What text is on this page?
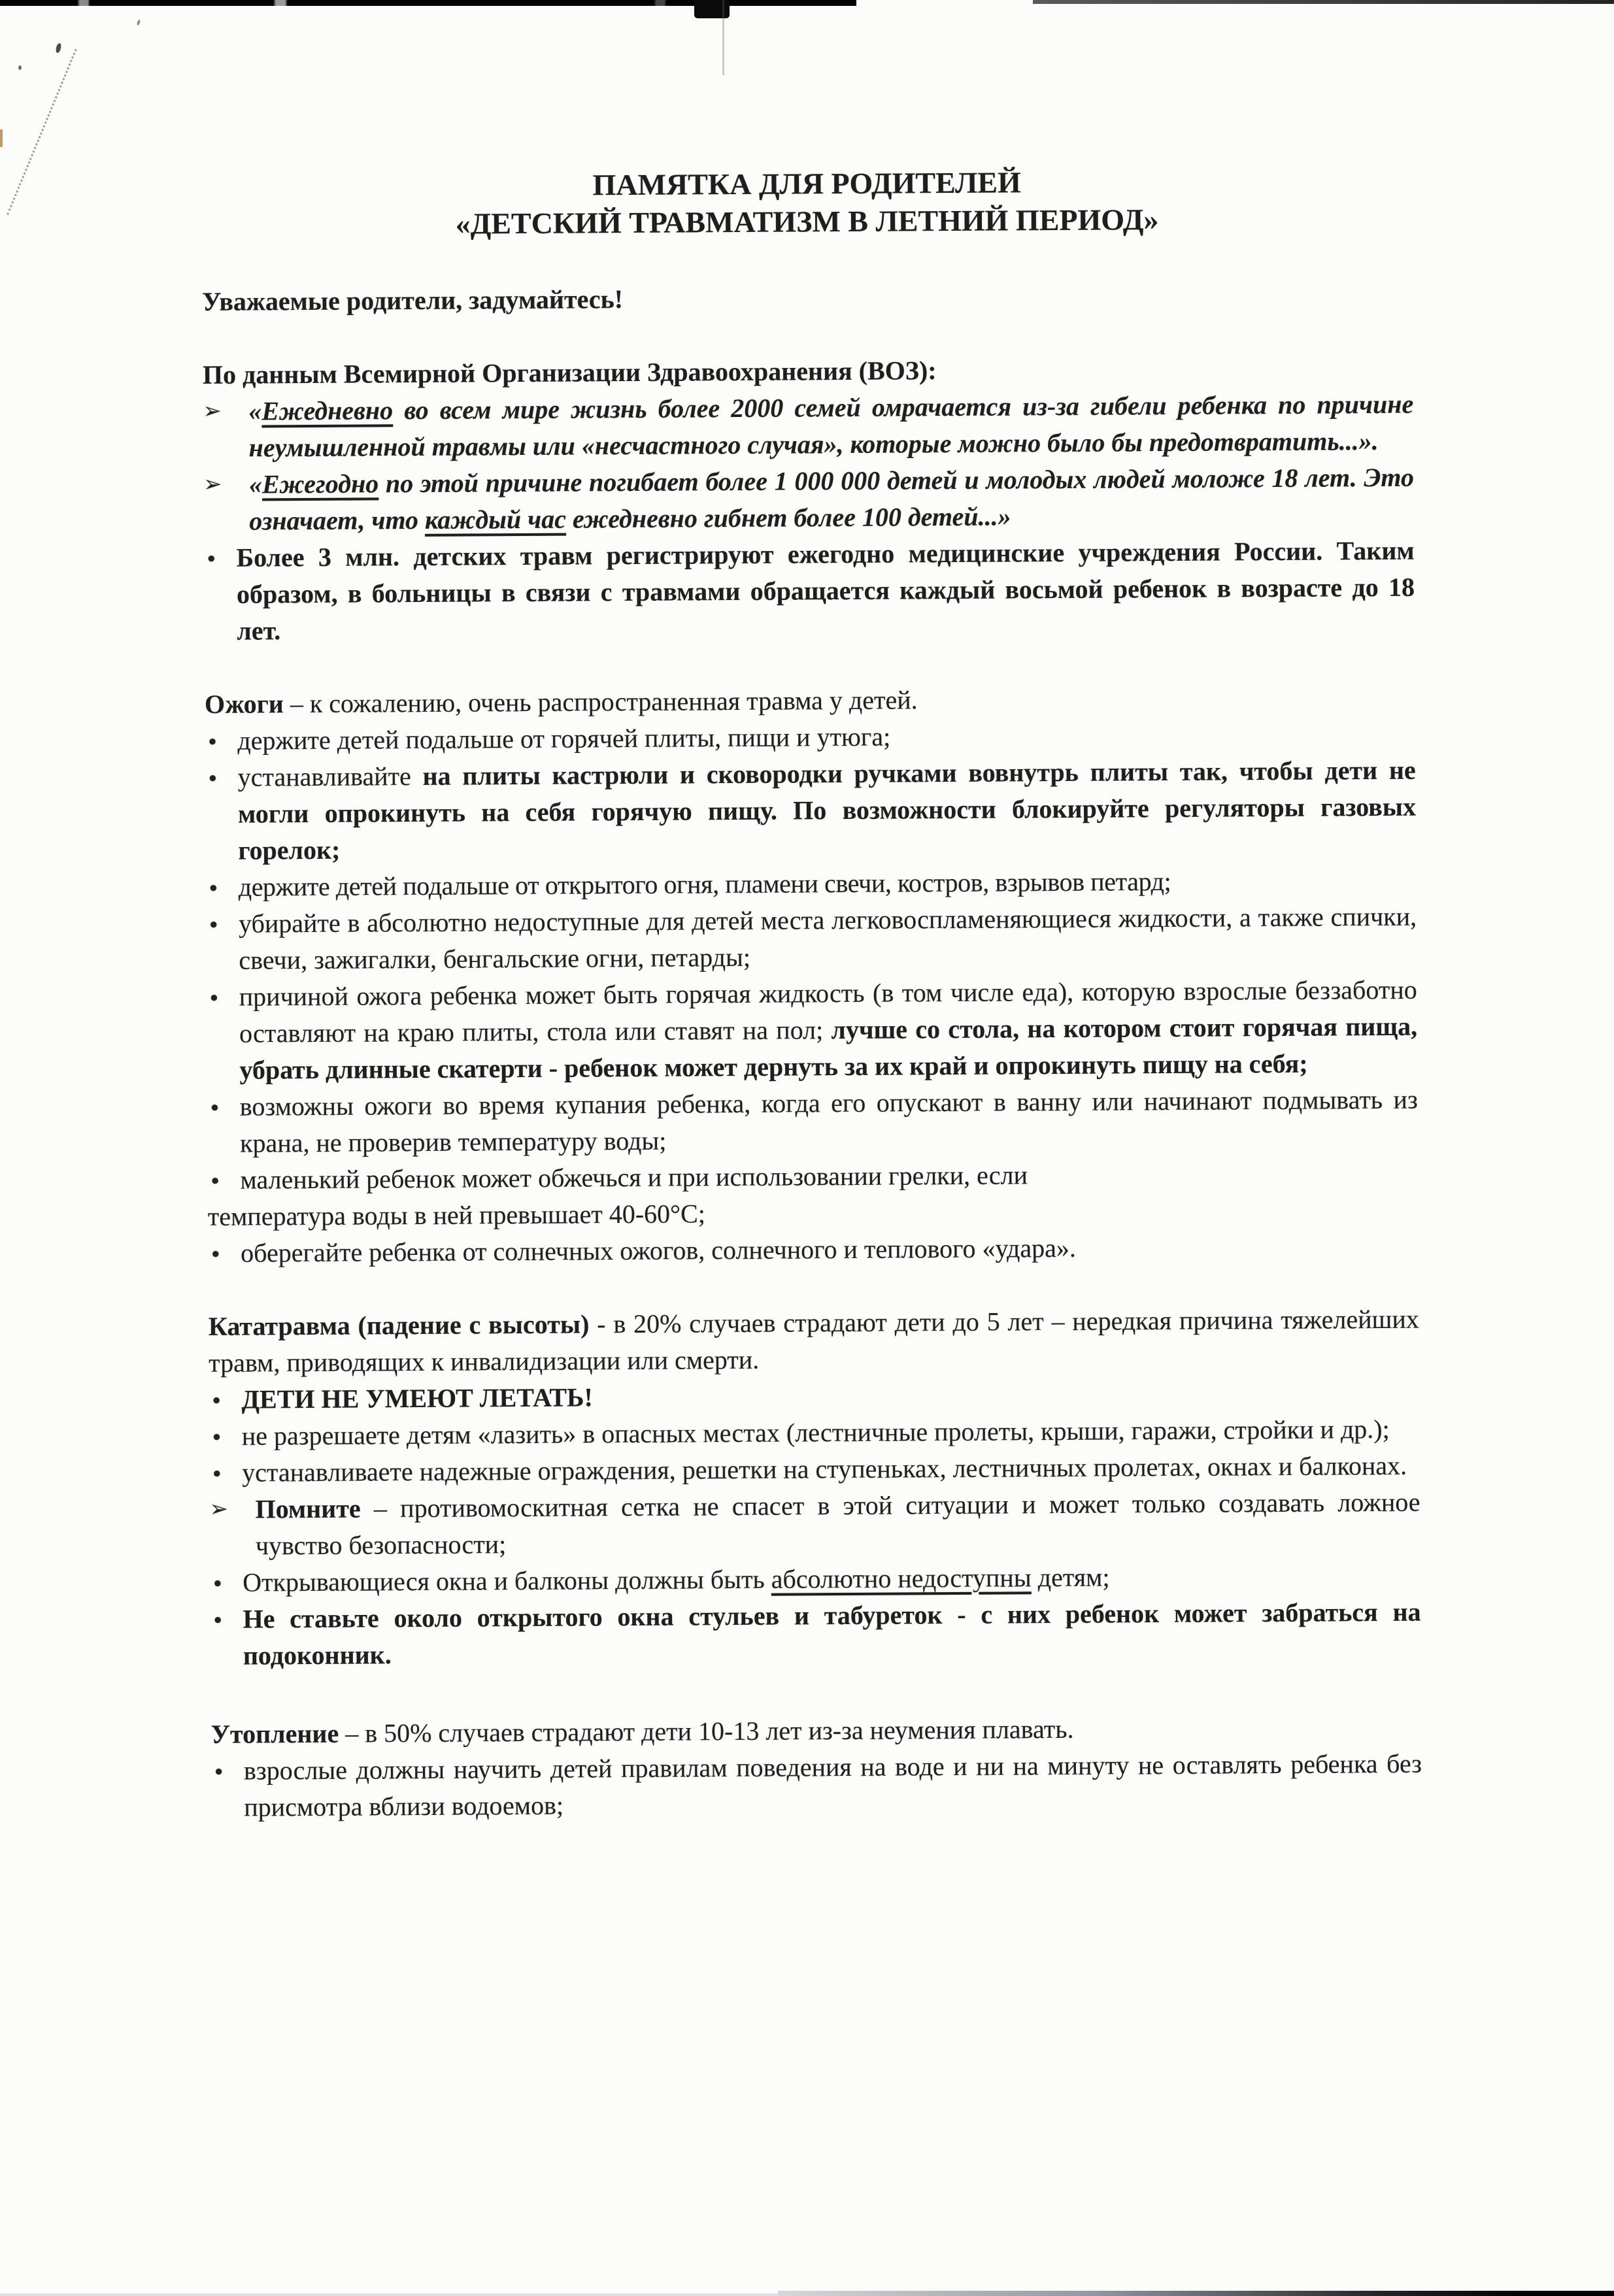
ПАМЯТКА ДЛЯ РОДИТЕЛЕЙ
«ДЕТСКИЙ ТРАВМАТИЗМ В ЛЕТНИЙ ПЕРИОД»

Уважаемые родители, задумайтесь!

По данным Всемирной Организации Здравоохранения (ВОЗ):

➢ «Ежедневно во всем мире жизнь более 2000 семей омрачается из-за гибели ребенка по причине неумышленной травмы или «несчастного случая», которые можно было бы предотвратить...».
➢ «Ежегодно по этой причине погибает более 1 000 000 детей и молодых людей моложе 18 лет. Это означает, что каждый час ежедневно гибнет более 100 детей...»
● Более 3 млн. детских травм регистрируют ежегодно медицинские учреждения России. Таким образом, в больницы в связи с травмами обращается каждый восьмой ребенок в возрасте до 18 лет.

Ожоги – к сожалению, очень распространенная травма у детей.

● держите детей подальше от горячей плиты, пищи и утюга;
● устанавливайте на плиты кастрюли и сковородки ручками вовнутрь плиты так, чтобы дети не могли опрокинуть на себя горячую пищу. По возможности блокируйте регуляторы газовых горелок;
● держите детей подальше от открытого огня, пламени свечи, костров, взрывов петард;
● убирайте в абсолютно недоступные для детей места легковоспламеняющиеся жидкости, а также спички, свечи, зажигалки, бенгальские огни, петарды;
● причиной ожога ребенка может быть горячая жидкость (в том числе еда), которую взрослые беззаботно оставляют на краю плиты, стола или ставят на пол; лучше со стола, на котором стоит горячая пища, убрать длинные скатерти - ребенок может дернуть за их край и опрокинуть пищу на себя;
● возможны ожоги во время купания ребенка, когда его опускают в ванну или начинают подмывать из крана, не проверив температуру воды;
● маленький ребенок может обжечься и при использовании грелки, если

температура воды в ней превышает 40-60°С;

● оберегайте ребенка от солнечных ожогов, солнечного и теплового «удара».

Кататравма (падение с высоты) - в 20% случаев страдают дети до 5 лет – нередкая причина тяжелейших травм, приводящих к инвалидизации или смерти.

● ДЕТИ НЕ УМЕЮТ ЛЕТАТЬ!
● не разрешаете детям «лазить» в опасных местах (лестничные пролеты, крыши, гаражи, стройки и др.);
● устанавливаете надежные ограждения, решетки на ступеньках, лестничных пролетах, окнах и балконах.
➢ Помните – противомоскитная сетка не спасет в этой ситуации и может только создавать ложное чувство безопасности;
● Открывающиеся окна и балконы должны быть абсолютно недоступны детям;
● Не ставьте около открытого окна стульев и табуреток - с них ребенок может забраться на подоконник.

Утопление – в 50% случаев страдают дети 10-13 лет из-за неумения плавать.

● взрослые должны научить детей правилам поведения на воде и ни на минуту не оставлять ребенка без присмотра вблизи водоемов;
